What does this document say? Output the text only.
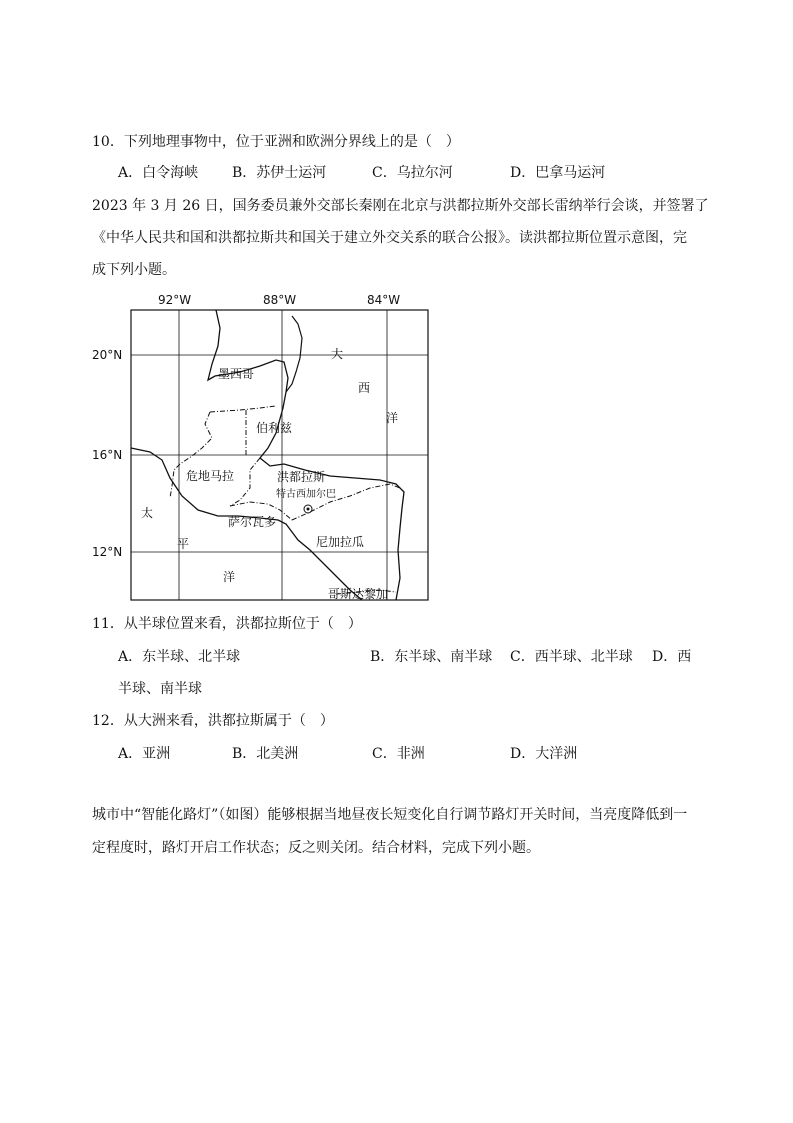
10．下列地理事物中，位于亚洲和欧洲分界线上的是（　）
A．白令海峡 B．苏伊士运河	C．乌拉尔河	D．巴拿马运河
2023 年 3 月 26 日，国务委员兼外交部长秦刚在北京与洪都拉斯外交部长雷纳举行会谈，并签署了
《中华人民共和国和洪都拉斯共和国关于建立外交关系的联合公报》。读洪都拉斯位置示意图，完
成下列小题。
92°W	88°W	84°W
20°N
16°N
12°N
墨西哥
伯利兹
危地马拉	洪都拉斯
特古西加尔巴
萨尔瓦多
尼加拉瓜
哥斯达黎加
大
西
洋
太
平
洋
11．从半球位置来看，洪都拉斯位于（　）
A．东半球、北半球	B．东半球、南半球 C．西半球、北半球 D．西
半球、南半球
12．从大洲来看，洪都拉斯属于（　）
A．亚洲	B．北美洲	C．非洲	D．大洋洲
城市中“智能化路灯”（如图）能够根据当地昼夜长短变化自行调节路灯开关时间，当亮度降低到一
定程度时，路灯开启工作状态；反之则关闭。结合材料，完成下列小题。
